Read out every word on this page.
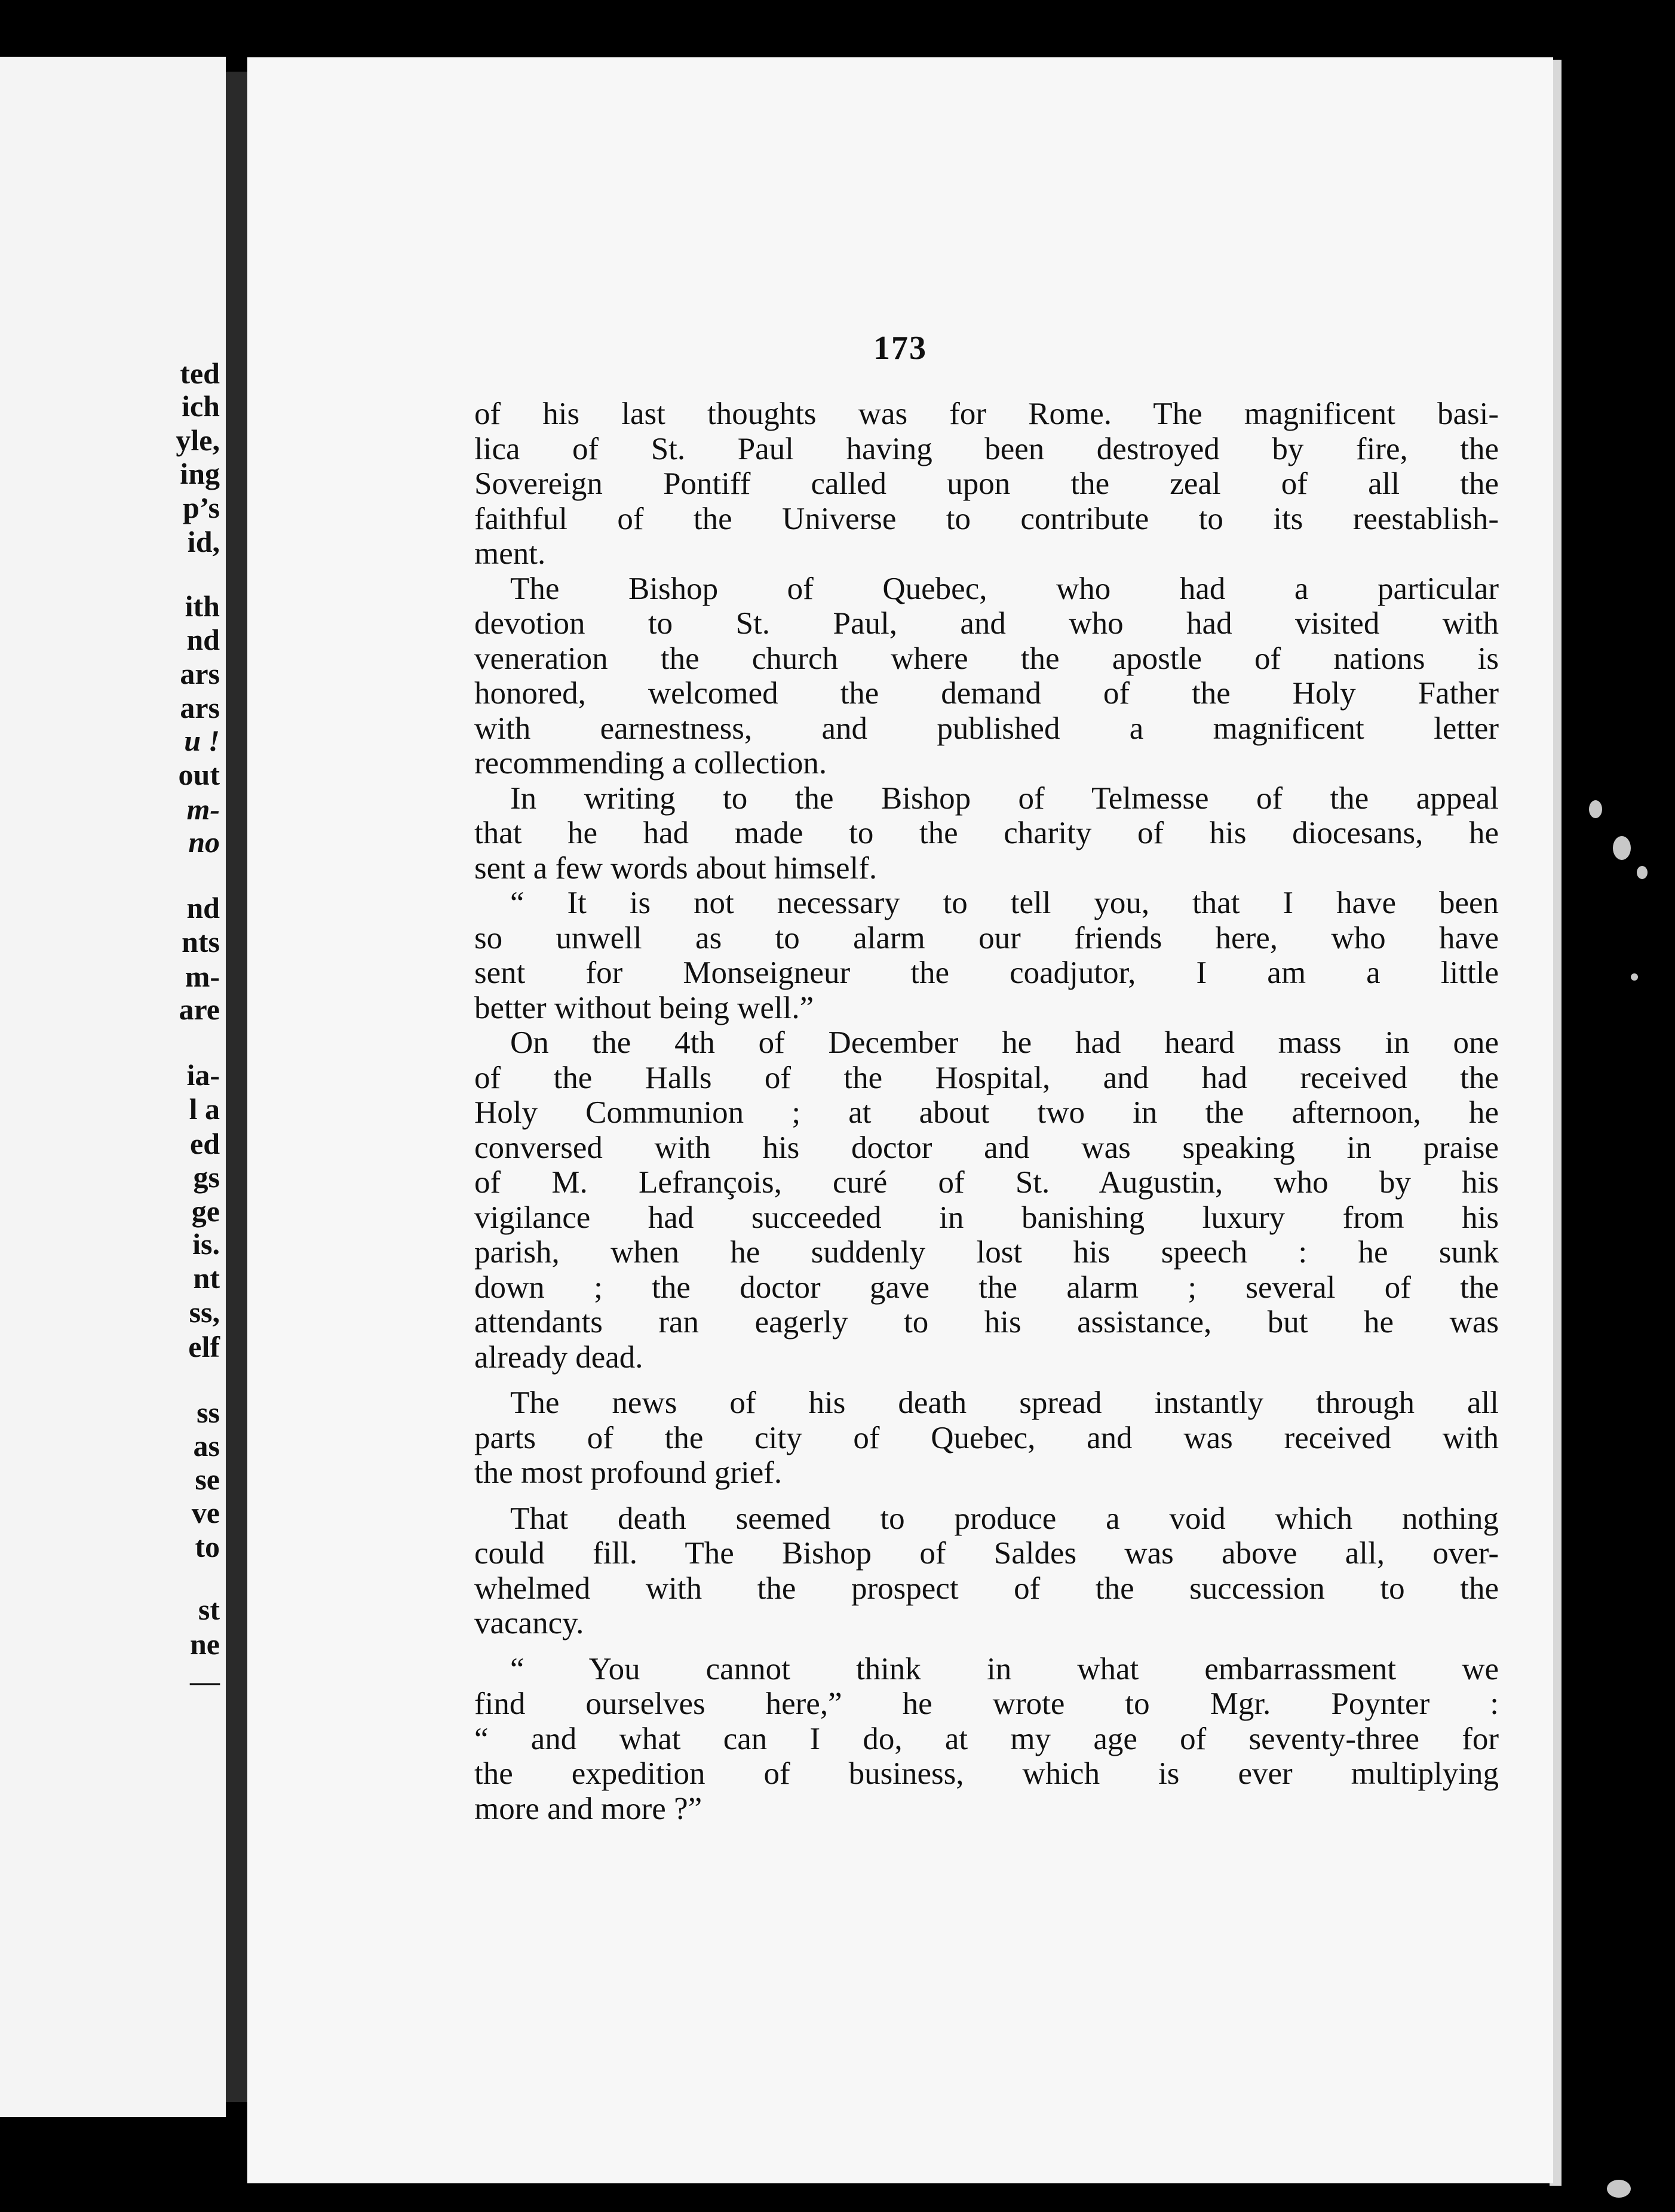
ted
ich
yle,
ing
p’s
id,
ith
nd
ars
ars
u !
out
m-
no
nd
nts
m-
are
ia-
l a
ed
gs
ge
is.
nt
ss,
elf
ss
as
se
ve
to
st
ne
—
173
of his last thoughts was for Rome. The magnificent basi-
lica of St. Paul having been destroyed by fire, the
Sovereign Pontiff called upon the zeal of all the
faithful of the Universe to contribute to its reestablish-
ment.
The Bishop of Quebec, who had a particular
devotion to St. Paul, and who had visited with
veneration the church where the apostle of nations is
honored, welcomed the demand of the Holy Father
with earnestness, and published a magnificent letter
recommending a collection.
In writing to the Bishop of Telmesse of the appeal
that he had made to the charity of his diocesans, he
sent a few words about himself.
“ It is not necessary to tell you, that I have been
so unwell as to alarm our friends here, who have
sent for Monseigneur the coadjutor, I am a little
better without being well.”
On the 4th of December he had heard mass in one
of the Halls of the Hospital, and had received the
Holy Communion ; at about two in the afternoon, he
conversed with his doctor and was speaking in praise
of M. Lefrançois, curé of St. Augustin, who by his
vigilance had succeeded in banishing luxury from his
parish, when he suddenly lost his speech : he sunk
down ; the doctor gave the alarm ; several of the
attendants ran eagerly to his assistance, but he was
already dead.
The news of his death spread instantly through all
parts of the city of Quebec, and was received with
the most profound grief.
That death seemed to produce a void which nothing
could fill. The Bishop of Saldes was above all, over-
whelmed with the prospect of the succession to the
vacancy.
“ You cannot think in what embarrassment we
find ourselves here,” he wrote to Mgr. Poynter :
“ and what can I do, at my age of seventy-three for
the expedition of business, which is ever multiplying
more and more ?”
